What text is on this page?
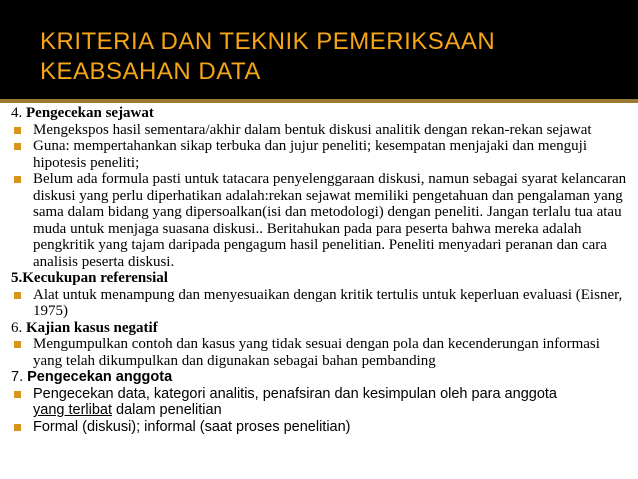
KRITERIA DAN TEKNIK PEMERIKSAAN
KEABSAHAN DATA
4. Pengecekan sejawat
Mengekspos hasil sementara/akhir dalam bentuk diskusi analitik dengan rekan-rekan sejawat
Guna: mempertahankan sikap terbuka dan jujur peneliti; kesempatan menjajaki dan menguji hipotesis peneliti;
Belum ada formula pasti untuk tatacara penyelenggaraan diskusi, namun sebagai syarat kelancaran diskusi yang perlu diperhatikan adalah:rekan sejawat memiliki pengetahuan dan pengalaman yang sama dalam bidang yang dipersoalkan(isi dan metodologi) dengan peneliti. Jangan terlalu tua atau muda untuk menjaga suasana diskusi.. Beritahukan pada para peserta bahwa mereka adalah pengkritik yang tajam daripada pengagum hasil penelitian. Peneliti menyadari peranan dan cara analisis peserta diskusi.
5.Kecukupan referensial
Alat untuk menampung dan menyesuaikan dengan kritik tertulis untuk keperluan evaluasi (Eisner, 1975)
6. Kajian kasus negatif
Mengumpulkan contoh dan kasus yang tidak sesuai dengan pola dan kecenderungan informasi yang telah dikumpulkan dan digunakan sebagai bahan pembanding
7. Pengecekan anggota
Pengecekan data, kategori analitis, penafsiran dan kesimpulan oleh para anggota
yang terlibat dalam penelitian
Formal (diskusi); informal (saat proses penelitian)
